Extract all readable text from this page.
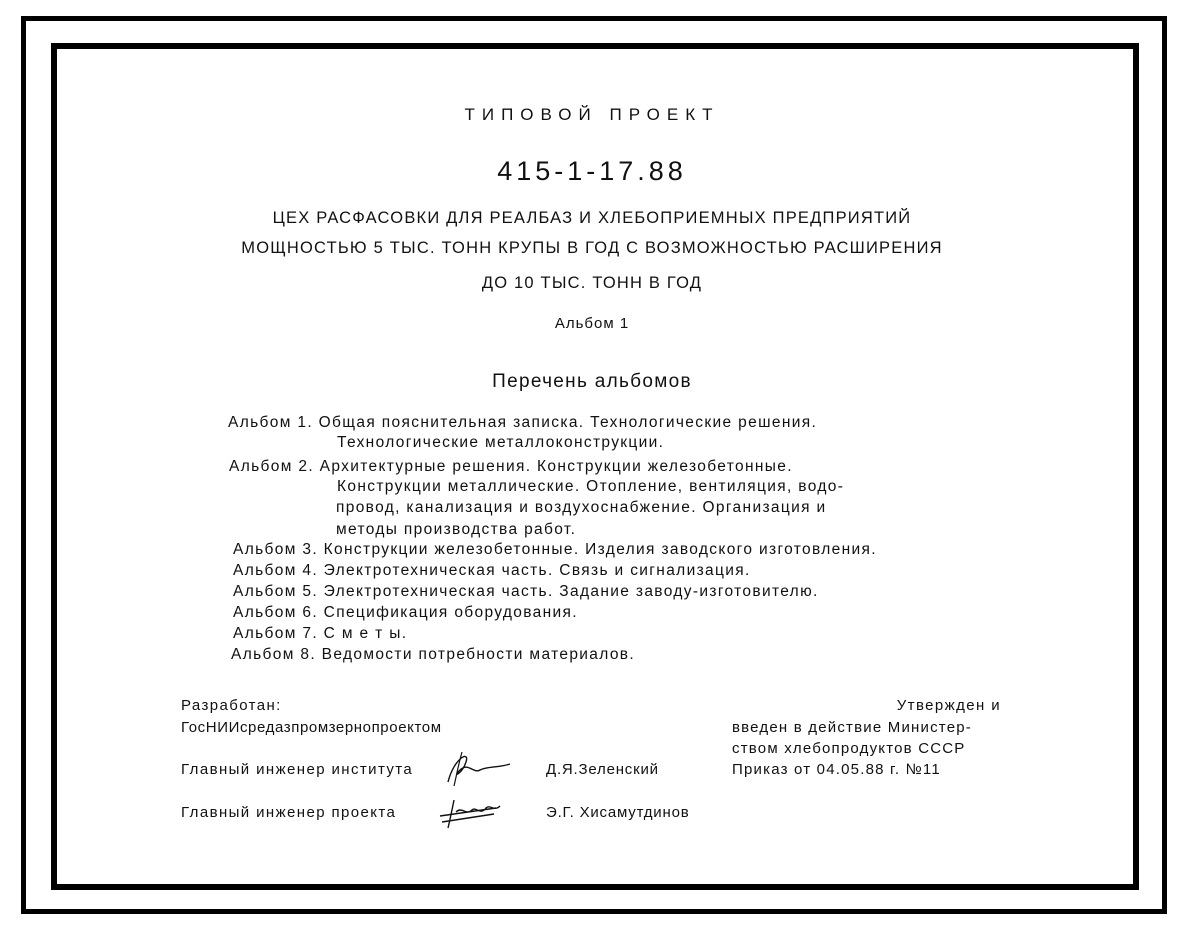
ТИПОВОЙ ПРОЕКТ
415-1-17.88
ЦЕХ РАСФАСОВКИ ДЛЯ РЕАЛБАЗ И ХЛЕБОПРИЕМНЫХ ПРЕДПРИЯТИЙ
МОЩНОСТЬЮ 5 ТЫС. ТОНН КРУПЫ В ГОД С ВОЗМОЖНОСТЬЮ РАСШИРЕНИЯ
ДО 10 ТЫС. ТОНН В ГОД
Альбом 1
Перечень альбомов
Альбом 1. Общая пояснительная записка. Технологические решения.
Технологические металлоконструкции.
Альбом 2. Архитектурные решения. Конструкции железобетонные.
Конструкции металлические. Отопление, вентиляция, водо-
провод, канализация и воздухоснабжение. Организация и
методы производства работ.
Альбом 3. Конструкции железобетонные. Изделия заводского изготовления.
Альбом 4. Электротехническая часть. Связь и сигнализация.
Альбом 5. Электротехническая часть. Задание заводу-изготовителю.
Альбом 6. Спецификация оборудования.
Альбом 7. С м е т ы.
Альбом 8. Ведомости потребности материалов.
Разработан:
ГосНИИсредазпромзернопроектом
Главный инженер института	Д.Я.Зеленский
Главный инженер проекта	Э.Г. Хисамутдинов
Утвержден и
введен в действие Министер-
ством хлебопродуктов СССР
Приказ от 04.05.88 г. №11
